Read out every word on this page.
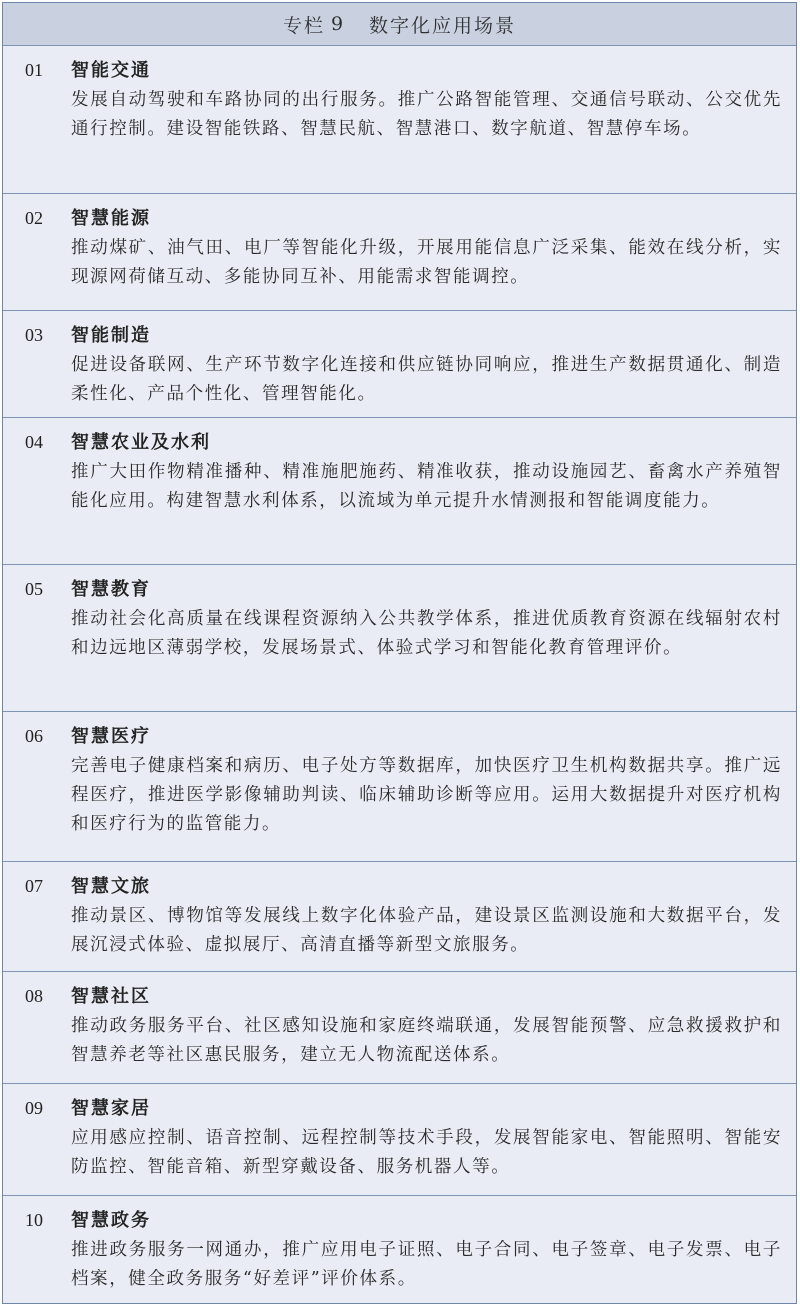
专栏 9 数字化应用场景
01	智能交通
发展自动驾驶和车路协同的出行服务。推广公路智能管理、交通信号联动、公交优先通行控制。建设智能铁路、智慧民航、智慧港口、数字航道、智慧停车场。
02	智慧能源
推动煤矿、油气田、电厂等智能化升级，开展用能信息广泛采集、能效在线分析，实现源网荷储互动、多能协同互补、用能需求智能调控。
03	智能制造
促进设备联网、生产环节数字化连接和供应链协同响应，推进生产数据贯通化、制造柔性化、产品个性化、管理智能化。
04	智慧农业及水利
推广大田作物精准播种、精准施肥施药、精准收获，推动设施园艺、畜禽水产养殖智能化应用。构建智慧水利体系，以流域为单元提升水情测报和智能调度能力。
05	智慧教育
推动社会化高质量在线课程资源纳入公共教学体系，推进优质教育资源在线辐射农村和边远地区薄弱学校，发展场景式、体验式学习和智能化教育管理评价。
06	智慧医疗
完善电子健康档案和病历、电子处方等数据库，加快医疗卫生机构数据共享。推广远程医疗，推进医学影像辅助判读、临床辅助诊断等应用。运用大数据提升对医疗机构和医疗行为的监管能力。
07	智慧文旅
推动景区、博物馆等发展线上数字化体验产品，建设景区监测设施和大数据平台，发展沉浸式体验、虚拟展厅、高清直播等新型文旅服务。
08	智慧社区
推动政务服务平台、社区感知设施和家庭终端联通，发展智能预警、应急救援救护和智慧养老等社区惠民服务，建立无人物流配送体系。
09	智慧家居
应用感应控制、语音控制、远程控制等技术手段，发展智能家电、智能照明、智能安防监控、智能音箱、新型穿戴设备、服务机器人等。
10	智慧政务
推进政务服务一网通办，推广应用电子证照、电子合同、电子签章、电子发票、电子档案，健全政务服务“好差评”评价体系。
